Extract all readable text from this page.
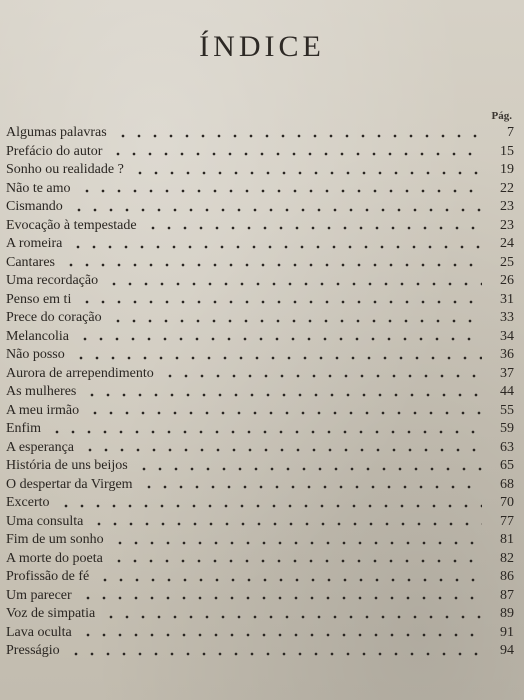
ÍNDICE
Pág.
Algumas palavras	7
Prefácio do autor	15
Sonho ou realidade ?	19
Não te amo	22
Cismando	23
Evocação à tempestade	23
A romeira	24
Cantares	25
Uma recordação	26
Penso em ti	31
Prece do coração	33
Melancolia	34
Não posso	36
Aurora de arrependimento	37
As mulheres	44
A meu irmão	55
Enfim	59
A esperança	63
História de uns beijos	65
O despertar da Virgem	68
Excerto	70
Uma consulta	77
Fim de um sonho	81
A morte do poeta	82
Profissão de fé	86
Um parecer	87
Voz de simpatia	89
Lava oculta	91
Presságio	94
